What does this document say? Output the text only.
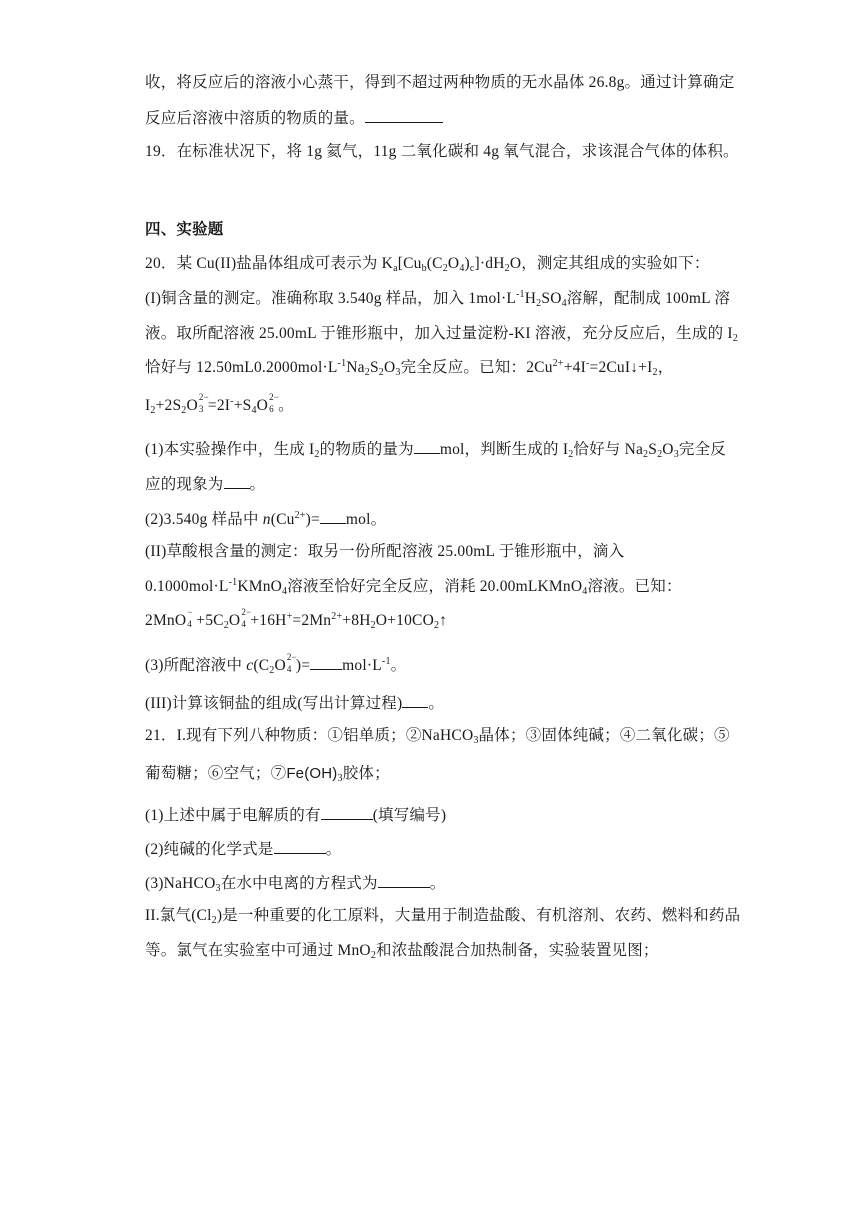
收，将反应后的溶液小心蒸干，得到不超过两种物质的无水晶体 26.8g。通过计算确定
反应后溶液中溶质的物质的量。
19．在标准状况下，将 1g 氦气，11g 二氧化碳和 4g 氧气混合，求该混合气体的体积。
四、实验题
20．某 Cu(II)盐晶体组成可表示为 $K_a[Cu_b(C_2O_4)_c]\cdot dH_2O$，测定其组成的实验如下：
(I)铜含量的测定。准确称取 3.540g 样品，加入 $1mol\cdot L^{-1}H_2SO_4$溶解，配制成 100mL 溶
液。取所配溶液 25.00mL 于锥形瓶中，加入过量淀粉-KI 溶液，充分反应后，生成的 $I_2$
恰好与 $12.50mL0.2000mol\cdot L^{-1}Na_2S_2O_3$完全反应。已知：$2Cu^{2+}+4I^-=2CuI↓+I_2$，
$I_2+2S_2O$ 2−
$3 =2I^-+S_4O$ 2−
6 。
(1)本实验操作中，生成 $I_2$的物质的量为 mol，判断生成的 $I_2$恰好与 $Na_2S_2O_3$完全反
应的现象为 。
(2)3.540g 样品中 $n(Cu^{2+})=$ mol。
(II)草酸根含量的测定：取另一份所配溶液 25.00mL 于锥形瓶中，滴入
$0.1000mol\cdot L^{-1}KMnO_4$溶液至恰好完全反应，消耗 20.00mLKMnO$_4$溶液。已知：
2MnO −
$4 +5C_2O$ 2−
$4 +16H^+=2Mn^{2+}+8H_2O+10CO_2↑$
(3)所配溶液中 $c(C_2O$ 2−
4 )= $mol\cdot L^{-1}$。
(III)计算该铜盐的组成(写出计算过程) 。
21．I.现有下列八种物质：①铝单质；②NaHCO$_3$晶体；③固体纯碱；④二氧化碳；⑤
葡萄糖；⑥空气；$⑦Fe(OH)_3$胶体；
(1)上述中属于电解质的有	(填写编号)
(2)纯碱的化学式是	。
(3)NaHCO$_3$在水中电离的方程式为	。
II.氯气$(Cl_2)$是一种重要的化工原料，大量用于制造盐酸、有机溶剂、农药、燃料和药品
等。氯气在实验室中可通过 MnO$_2$和浓盐酸混合加热制备，实验装置见图；
